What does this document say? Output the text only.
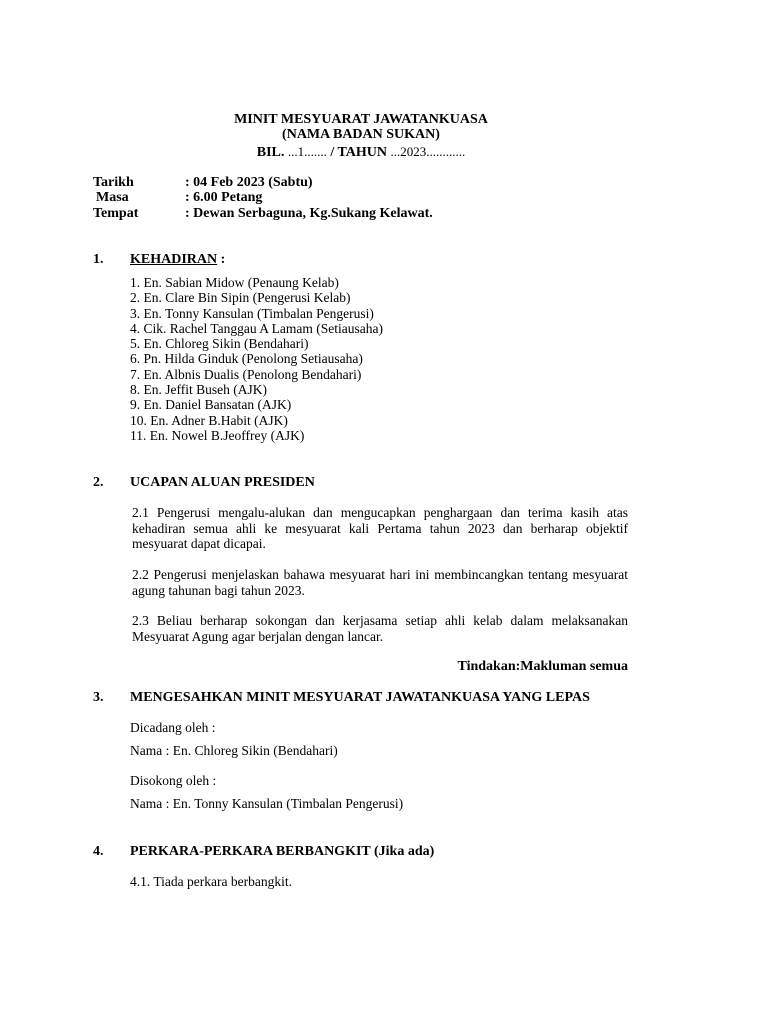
MINIT MESYUARAT JAWATANKUASA
(NAMA BADAN SUKAN)
BIL. ...1....... / TAHUN ...2023............
Tarikh	: 04 Feb 2023 (Sabtu)
Masa	: 6.00 Petang
Tempat	: Dewan Serbaguna, Kg.Sukang Kelawat.
1. KEHADIRAN :
1. En. Sabian Midow (Penaung Kelab)
2. En. Clare Bin Sipin (Pengerusi Kelab)
3. En. Tonny Kansulan (Timbalan Pengerusi)
4. Cik. Rachel Tanggau A Lamam (Setiausaha)
5. En. Chloreg Sikin (Bendahari)
6. Pn. Hilda Ginduk (Penolong Setiausaha)
7. En. Albnis Dualis (Penolong Bendahari)
8. En. Jeffit Buseh (AJK)
9. En. Daniel Bansatan (AJK)
10. En. Adner B.Habit (AJK)
11. En. Nowel B.Jeoffrey (AJK)
2. UCAPAN ALUAN PRESIDEN
2.1 Pengerusi mengalu-alukan dan mengucapkan penghargaan dan terima kasih atas kehadiran semua ahli ke mesyuarat kali Pertama tahun 2023 dan berharap objektif mesyuarat dapat dicapai.
2.2 Pengerusi menjelaskan bahawa mesyuarat hari ini membincangkan tentang mesyuarat agung tahunan bagi tahun 2023.
2.3 Beliau berharap sokongan dan kerjasama setiap ahli kelab dalam melaksanakan Mesyuarat Agung agar berjalan dengan lancar.
Tindakan:Makluman semua
3. MENGESAHKAN MINIT MESYUARAT JAWATANKUASA YANG LEPAS
Dicadang oleh :
Nama : En. Chloreg Sikin (Bendahari)
Disokong oleh :
Nama : En. Tonny Kansulan (Timbalan Pengerusi)
4. PERKARA-PERKARA BERBANGKIT (Jika ada)
4.1. Tiada perkara berbangkit.
